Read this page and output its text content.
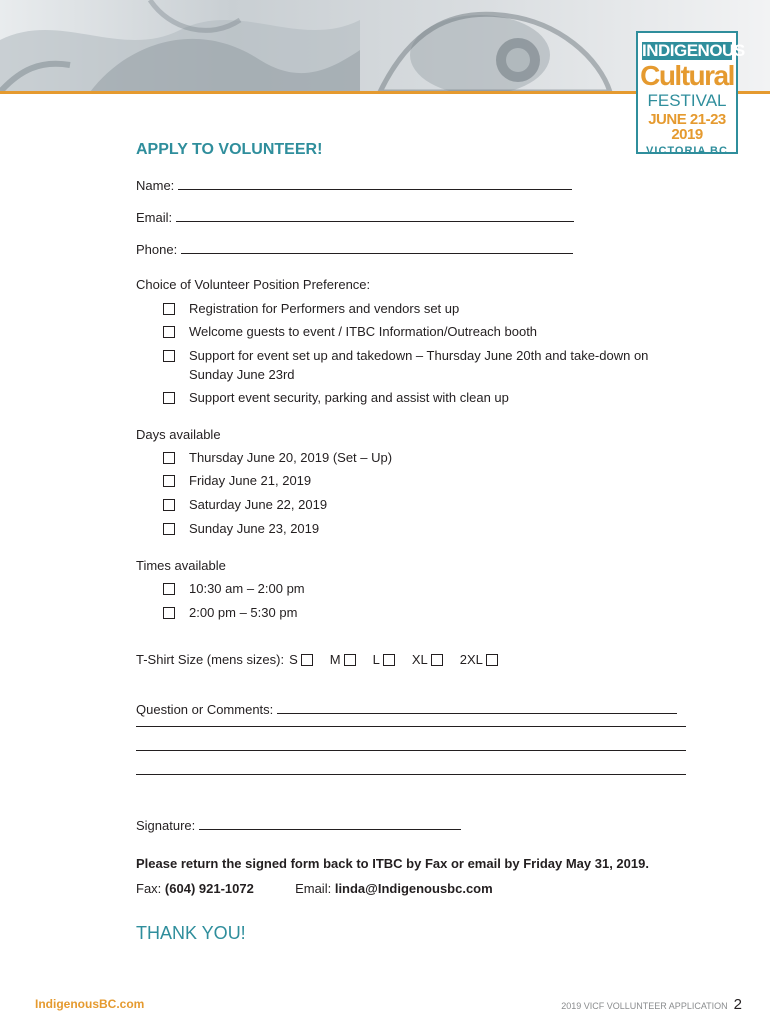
INDIGENOUS
Cultural
FESTIVAL
JUNE 21-23 2019
VICTORIA BC
APPLY TO VOLUNTEER!
Name:
Email:
Phone:
Choice of Volunteer Position Preference:
Registration for Performers and vendors set up
Welcome guests to event / ITBC Information/Outreach booth
Support for event set up and takedown – Thursday June 20th and take-down on Sunday June 23rd
Support event security, parking and assist with clean up
Days available
Thursday June 20, 2019 (Set – Up)
Friday June 21, 2019
Saturday June 22, 2019
Sunday June 23, 2019
Times available
10:30 am – 2:00 pm
2:00 pm – 5:30 pm
T-Shirt Size (mens sizes): S M L XL 2XL
Question or Comments:
Signature:
Please return the signed form back to ITBC by Fax or email by Friday May 31, 2019.
Fax: (604) 921-1072	Email: linda@Indigenousbc.com
THANK YOU!
IndigenousBC.com	2019 VICF VOLLUNTEER APPLICATION 2
